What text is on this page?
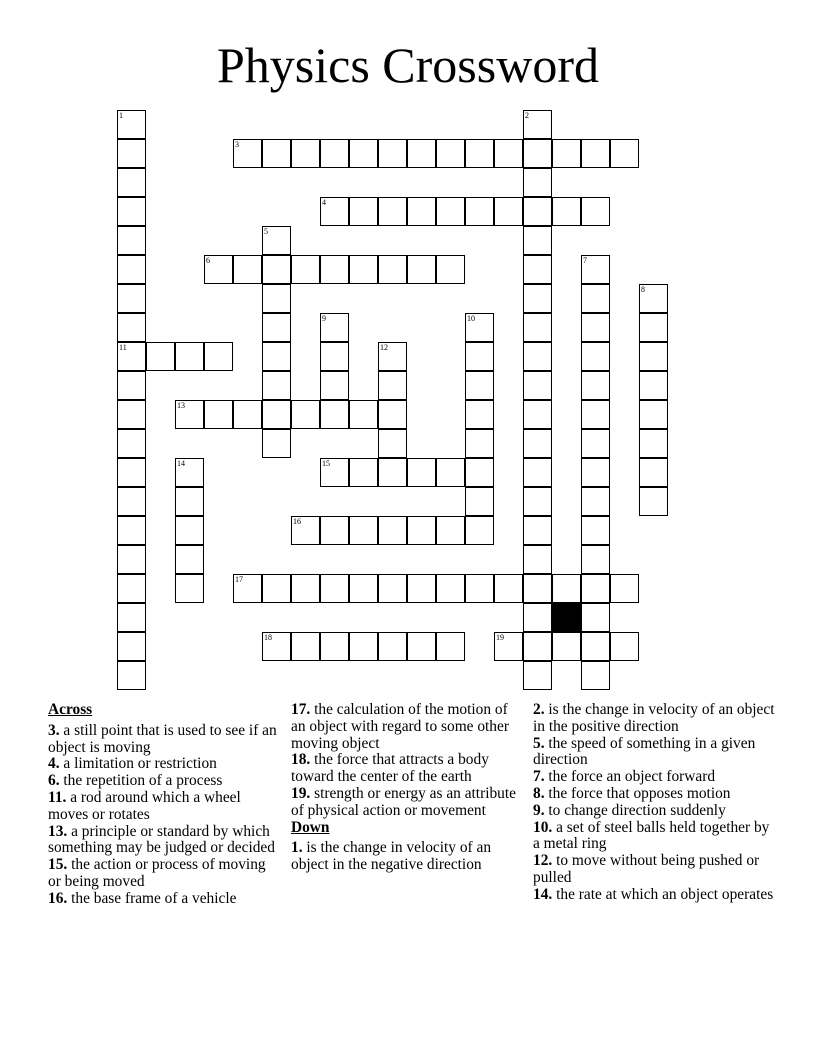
Physics Crossword
3
4
6
11
13
15
16
17
18	19
1	2
5
7
8
9	10
12
14
Across
3. a still point that is used to see if an object is moving
4. a limitation or restriction
6. the repetition of a process
11. a rod around which a wheel moves or rotates
13. a principle or standard by which something may be judged or decided
15. the action or process of moving or being moved
16. the base frame of a vehicle
17. the calculation of the motion of an object with regard to some other moving object
18. the force that attracts a body toward the center of the earth
19. strength or energy as an attribute of physical action or movement
Down
1. is the change in velocity of an object in the negative direction
2. is the change in velocity of an object in the positive direction
5. the speed of something in a given direction
7. the force an object forward
8. the force that opposes motion
9. to change direction suddenly
10. a set of steel balls held together by a metal ring
12. to move without being pushed or pulled
14. the rate at which an object operates
